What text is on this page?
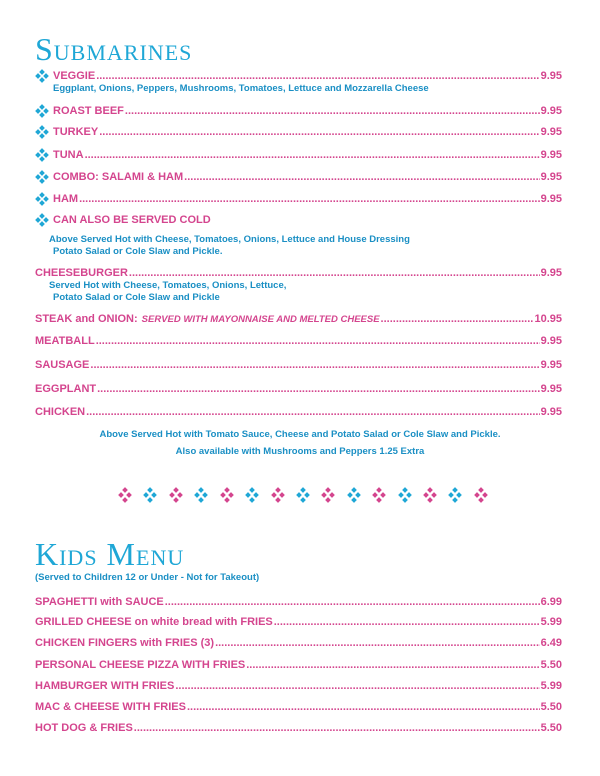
Submarines
VEGGIE .....	9.95
Eggplant, Onions, Peppers, Mushrooms, Tomatoes, Lettuce and Mozzarella Cheese
ROAST BEEF .....	9.95
TURKEY .....	9.95
TUNA .....	9.95
COMBO: SALAMI & HAM .....	9.95
HAM .....	9.95
CAN ALSO BE SERVED COLD
Above Served Hot with Cheese, Tomatoes, Onions, Lettuce and House Dressing
Potato Salad or Cole Slaw and Pickle.
CHEESEBURGER .....	9.95
Served Hot with Cheese, Tomatoes, Onions, Lettuce,
Potato Salad or Cole Slaw and Pickle
STEAK and ONION: SERVED WITH MAYONNAISE AND MELTED CHEESE .....	10.95
MEATBALL .....	9.95
SAUSAGE .....	9.95
EGGPLANT .....	9.95
CHICKEN .....	9.95
Above Served Hot with Tomato Sauce, Cheese and Potato Salad or Cole Slaw and Pickle.
Also available with Mushrooms and Peppers 1.25 Extra
Kids Menu
(Served to Children 12 or Under - Not for Takeout)
SPAGHETTI with SAUCE .....	6.99
GRILLED CHEESE on white bread with FRIES .....	5.99
CHICKEN FINGERS with FRIES (3) .....	6.49
PERSONAL CHEESE PIZZA WITH FRIES .....	5.50
HAMBURGER WITH FRIES .....	5.99
MAC & CHEESE WITH FRIES .....	5.50
HOT DOG & FRIES .....	5.50
